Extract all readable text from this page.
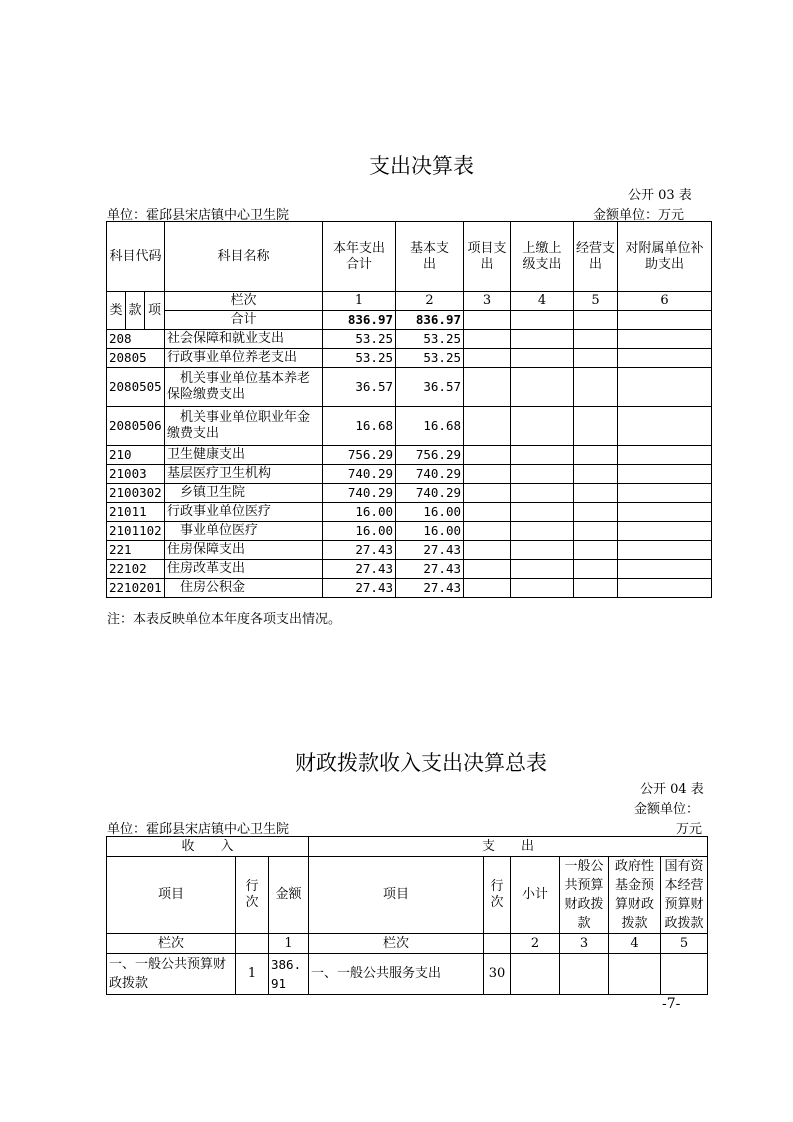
支出决算表
公开 03 表
单位：霍邱县宋店镇中心卫生院	金额单位：万元
科目代码			科目名称	本年支出合计	基本支出	项目支出	上缴上级支出	经营支出	对附属单位补助支出
类	款	项	栏次	1	2	3	4	5	6
			合计	836.97	836.97				
208			社会保障和就业支出	53.25	53.25				
20805			行政事业单位养老支出	53.25	53.25				
2080505			机关事业单位基本养老保险缴费支出	36.57	36.57				
2080506			机关事业单位职业年金缴费支出	16.68	16.68				
210			卫生健康支出	756.29	756.29				
21003			基层医疗卫生机构	740.29	740.29				
2100302			乡镇卫生院	740.29	740.29				
21011			行政事业单位医疗	16.00	16.00				
2101102			事业单位医疗	16.00	16.00				
221			住房保障支出	27.43	27.43				
22102			住房改革支出	27.43	27.43				
2210201			住房公积金	27.43	27.43				
注：本表反映单位本年度各项支出情况。
财政拨款收入支出决算总表
公开 04 表
金额单位：
单位：霍邱县宋店镇中心卫生院	万元
收　　入			支　　出					
项目	行次	金额	项目	行次	小计	一般公共预算财政拨款	政府性基金预算财政拨款	国有资本经营预算财政拨款
栏次		1	栏次		2	3	4	5
一、一般公共预算财政拨款	1	386.91	一、一般公共服务支出	30				
-7-
